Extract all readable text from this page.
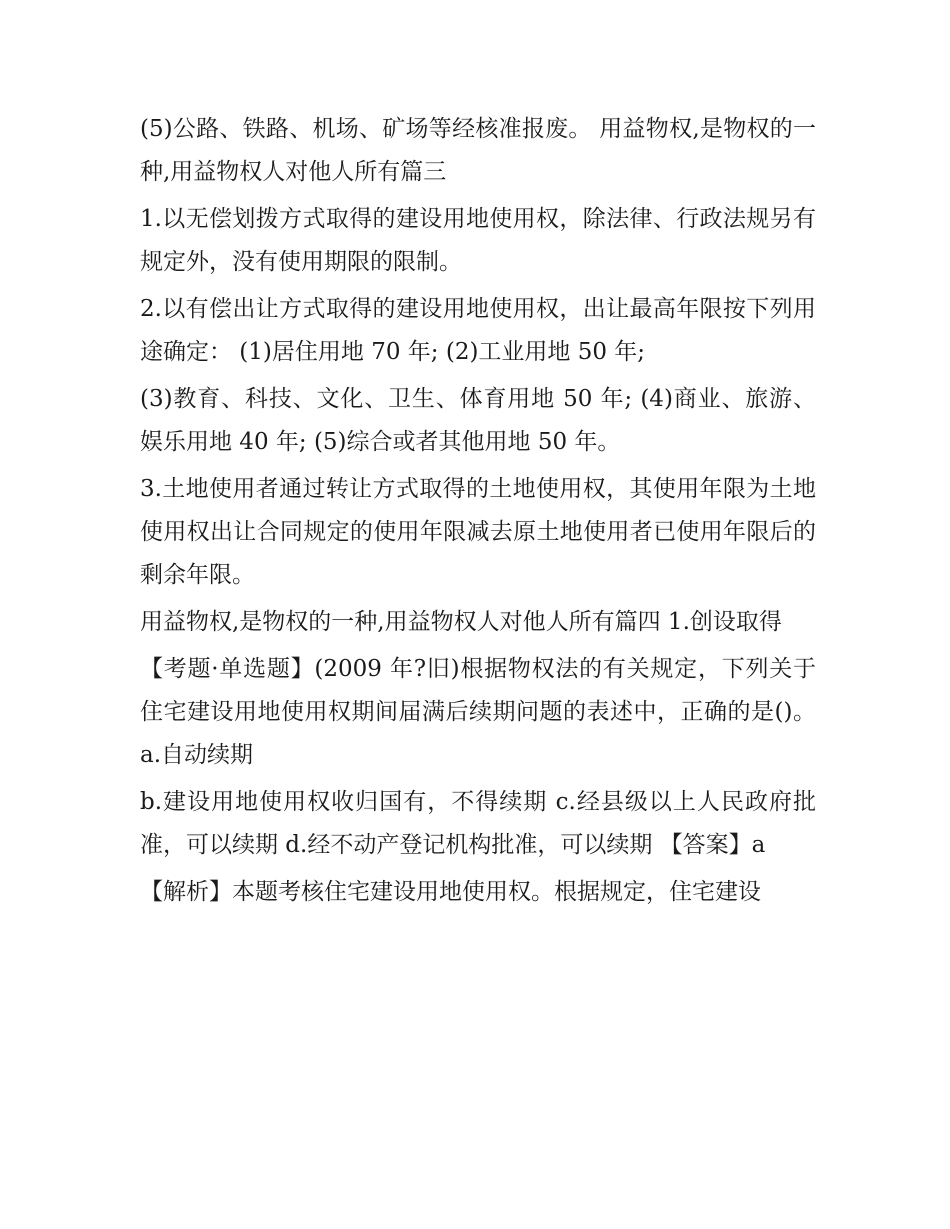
(5)公路、铁路、机场、矿场等经核准报废。 用益物权,是物权的一种,用益物权人对他人所有篇三

1.以无偿划拨方式取得的建设用地使用权，除法律、行政法规另有规定外，没有使用期限的限制。

2.以有偿出让方式取得的建设用地使用权，出让最高年限按下列用途确定： (1)居住用地 70 年; (2)工业用地 50 年;

(3)教育、科技、文化、卫生、体育用地 50 年; (4)商业、旅游、娱乐用地 40 年; (5)综合或者其他用地 50 年。

3.土地使用者通过转让方式取得的土地使用权，其使用年限为土地使用权出让合同规定的使用年限减去原土地使用者已使用年限后的剩余年限。

用益物权,是物权的一种,用益物权人对他人所有篇四 1.创设取得

【考题·单选题】(2009 年?旧)根据物权法的有关规定，下列关于住宅建设用地使用权期间届满后续期问题的表述中，正确的是()。 a.自动续期

b.建设用地使用权收归国有，不得续期 c.经县级以上人民政府批准，可以续期 d.经不动产登记机构批准，可以续期 【答案】a

【解析】本题考核住宅建设用地使用权。根据规定，住宅建设
